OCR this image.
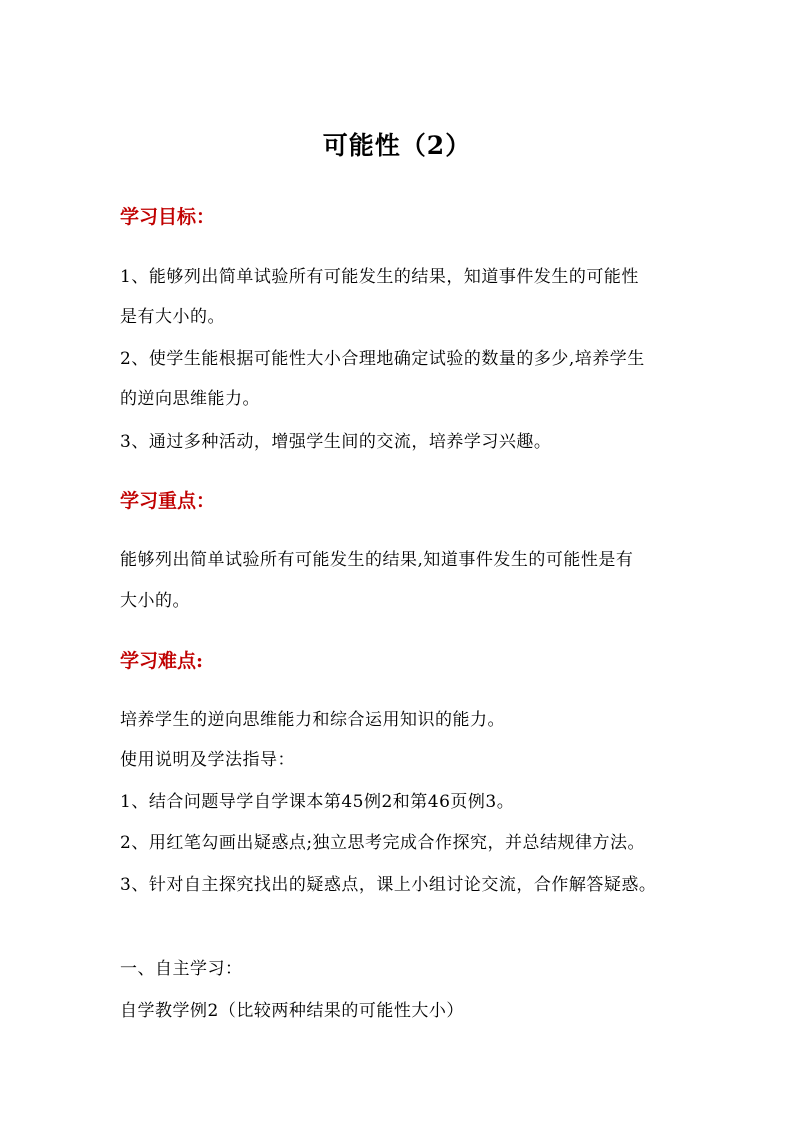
可能性（2）
学习目标：
1、能够列出简单试验所有可能发生的结果，知道事件发生的可能性
是有大小的。
2、使学生能根据可能性大小合理地确定试验的数量的多少,培养学生
的逆向思维能力。
3、通过多种活动，增强学生间的交流，培养学习兴趣。
学习重点：
能够列出简单试验所有可能发生的结果,知道事件发生的可能性是有
大小的。
学习难点:
培养学生的逆向思维能力和综合运用知识的能力。
使用说明及学法指导：
1、结合问题导学自学课本第45例2和第46页例3。
2、用红笔勾画出疑惑点;独立思考完成合作探究，并总结规律方法。
3、针对自主探究找出的疑惑点，课上小组讨论交流，合作解答疑惑。
一、自主学习：
自学教学例2（比较两种结果的可能性大小）
